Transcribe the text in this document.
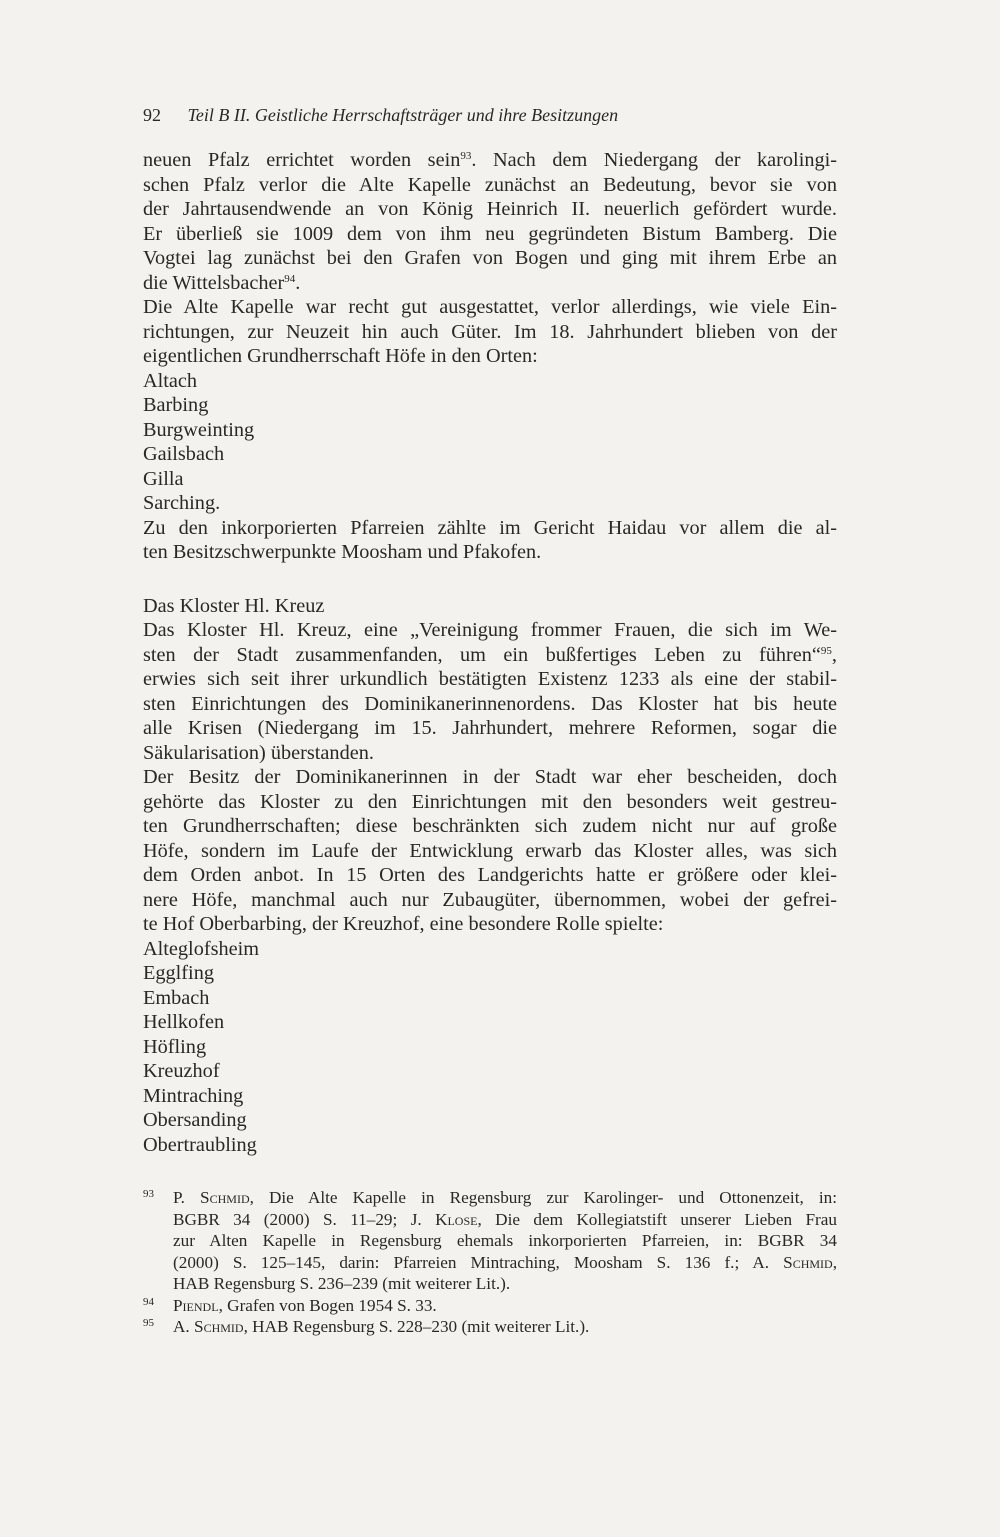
92 Teil B II. Geistliche Herrschaftsträger und ihre Besitzungen
neuen Pfalz errichtet worden sein$^{93}$. Nach dem Niedergang der karolingi-
schen Pfalz verlor die Alte Kapelle zunächst an Bedeutung, bevor sie von
der Jahrtausendwende an von König Heinrich II. neuerlich gefördert wurde.
Er überließ sie 1009 dem von ihm neu gegründeten Bistum Bamberg. Die
Vogtei lag zunächst bei den Grafen von Bogen und ging mit ihrem Erbe an
die Wittelsbacher$^{94}$.
Die Alte Kapelle war recht gut ausgestattet, verlor allerdings, wie viele Ein-
richtungen, zur Neuzeit hin auch Güter. Im 18. Jahrhundert blieben von der
eigentlichen Grundherrschaft Höfe in den Orten:
Altach
Barbing
Burgweinting
Gailsbach
Gilla
Sarching.
Zu den inkorporierten Pfarreien zählte im Gericht Haidau vor allem die al-
ten Besitzschwerpunkte Moosham und Pfakofen.
Das Kloster Hl. Kreuz
Das Kloster Hl. Kreuz, eine „Vereinigung frommer Frauen, die sich im We-
sten der Stadt zusammenfanden, um ein bußfertiges Leben zu führen“$^{95}$,
erwies sich seit ihrer urkundlich bestätigten Existenz 1233 als eine der stabil-
sten Einrichtungen des Dominikanerinnenordens. Das Kloster hat bis heute
alle Krisen (Niedergang im 15. Jahrhundert, mehrere Reformen, sogar die
Säkularisation) überstanden.
Der Besitz der Dominikanerinnen in der Stadt war eher bescheiden, doch
gehörte das Kloster zu den Einrichtungen mit den besonders weit gestreu-
ten Grundherrschaften; diese beschränkten sich zudem nicht nur auf große
Höfe, sondern im Laufe der Entwicklung erwarb das Kloster alles, was sich
dem Orden anbot. In 15 Orten des Landgerichts hatte er größere oder klei-
nere Höfe, manchmal auch nur Zubaugüter, übernommen, wobei der gefrei-
te Hof Oberbarbing, der Kreuzhof, eine besondere Rolle spielte:
Alteglofsheim
Egglfing
Embach
Hellkofen
Höfling
Kreuzhof
Mintraching
Obersanding
Obertraubling
93 P. Schmid, Die Alte Kapelle in Regensburg zur Karolinger- und Ottonenzeit, in:
BGBR 34 (2000) S. 11–29; J. Klose, Die dem Kollegiatstift unserer Lieben Frau
zur Alten Kapelle in Regensburg ehemals inkorporierten Pfarreien, in: BGBR 34
(2000) S. 125–145, darin: Pfarreien Mintraching, Moosham S. 136 f.; A. Schmid,
HAB Regensburg S. 236–239 (mit weiterer Lit.).
94 Piendl, Grafen von Bogen 1954 S. 33.
95 A. Schmid, HAB Regensburg S. 228–230 (mit weiterer Lit.).
